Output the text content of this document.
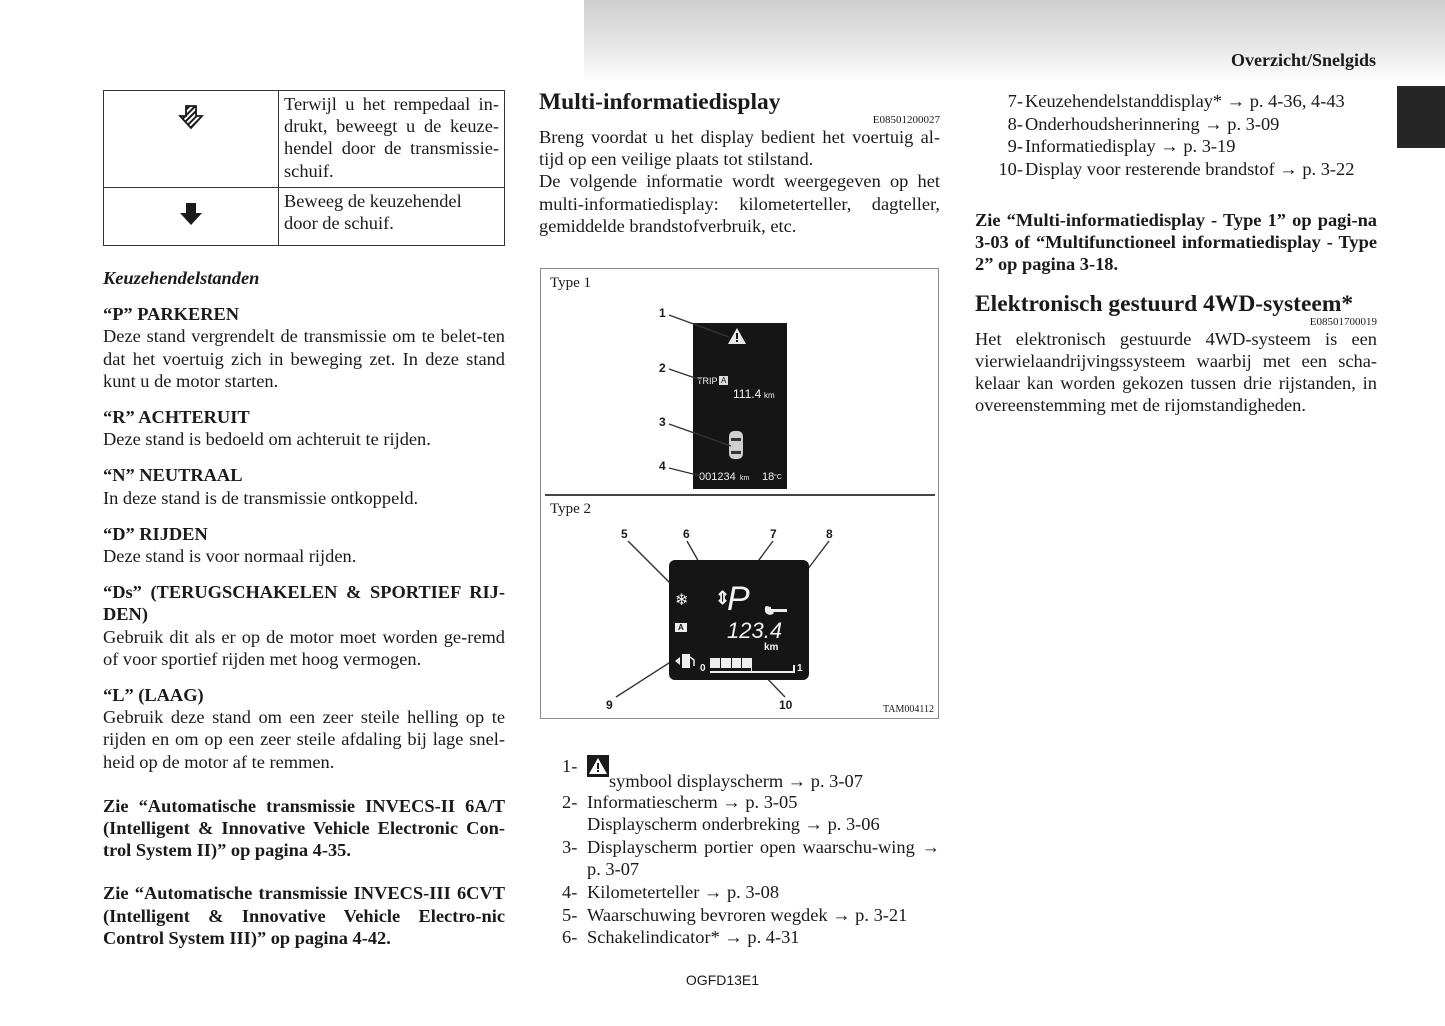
Overzicht/Snelgids
	Terwijl u het rempedaal in-drukt, beweegt u de keuze-hendel door de transmissie-schuif.
	Beweeg de keuzehendel door de schuif.
Keuzehendelstanden
“P” PARKEREN
Deze stand vergrendelt de transmissie om te belet-ten dat het voertuig zich in beweging zet. In deze stand kunt u de motor starten.
“R” ACHTERUIT
Deze stand is bedoeld om achteruit te rijden.
“N” NEUTRAAL
In deze stand is de transmissie ontkoppeld.
“D” RIJDEN
Deze stand is voor normaal rijden.
“Ds” (TERUGSCHAKELEN & SPORTIEF RIJ-DEN)
Gebruik dit als er op de motor moet worden ge-remd of voor sportief rijden met hoog vermogen.
“L” (LAAG)
Gebruik deze stand om een zeer steile helling op te rijden en om op een zeer steile afdaling bij lage snel-heid op de motor af te remmen.
Zie “Automatische transmissie INVECS-II 6A/T (Intelligent & Innovative Vehicle Electronic Con-trol System II)” op pagina 4-35.
Zie “Automatische transmissie INVECS-III 6CVT (Intelligent & Innovative Vehicle Electro-nic Control System III)” op pagina 4-42.
Multi-informatiedisplay
E08501200027
Breng voordat u het display bedient het voertuig al-tijd op een veilige plaats tot stilstand.
De volgende informatie wordt weergegeven op het multi-informatiedisplay: kilometerteller, dagteller, gemiddelde brandstofverbruik, etc.
Type 1
TRIP A
111.4 km
001234 km 18 °C
1
2
3
4
Type 2
5	6	7	8
9	10
❄ ⇕
P
A 123.4
km
0	1
TAM004112
1-
symbool displayscherm → p. 3-07
2- Informatiescherm → p. 3-05
Displayscherm onderbreking → p. 3-06
3- Displayscherm portier open waarschu-wing → p. 3-07
4- Kilometerteller → p. 3-08
5- Waarschuwing bevroren wegdek → p. 3-21
6- Schakelindicator* → p. 4-31
7- Keuzehendelstanddisplay* → p. 4-36, 4-43
8- Onderhoudsherinnering → p. 3-09
9- Informatiedisplay → p. 3-19
10- Display voor resterende brandstof → p. 3-22
Zie “Multi-informatiedisplay - Type 1” op pagi-na 3-03 of “Multifunctioneel informatiedisplay - Type 2” op pagina 3-18.
Elektronisch gestuurd 4WD-systeem*
E08501700019
Het elektronisch gestuurde 4WD-systeem is een vierwielaandrijvingssysteem waarbij met een scha-kelaar kan worden gekozen tussen drie rijstanden, in overeenstemming met de rijomstandigheden.
OGFD13E1
